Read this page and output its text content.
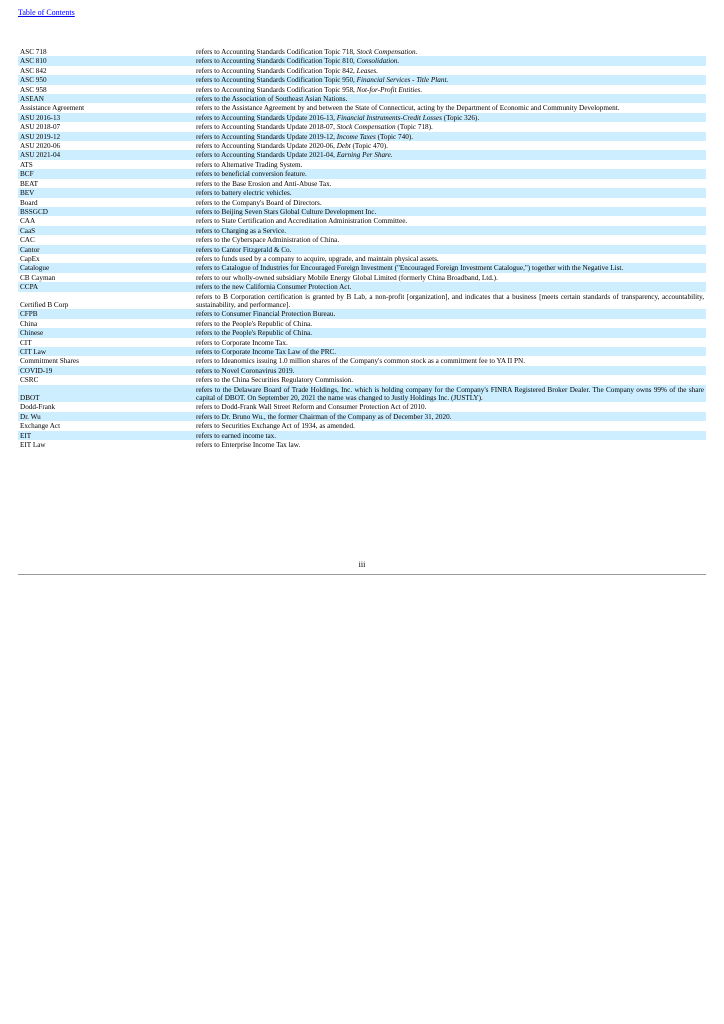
Table of Contents
ASC 718	refers to Accounting Standards Codification Topic 718, Stock Compensation.
ASC 810	refers to Accounting Standards Codification Topic 810, Consolidation.
ASC 842	refers to Accounting Standards Codification Topic 842, Leases.
ASC 950	refers to Accounting Standards Codification Topic 950, Financial Services - Title Plant.
ASC 958	refers to Accounting Standards Codification Topic 958, Not-for-Profit Entities.
ASEAN	refers to the Association of Southeast Asian Nations.
Assistance Agreement	refers to the Assistance Agreement by and between the State of Connecticut, acting by the Department of Economic and Community Development.
ASU 2016-13	refers to Accounting Standards Update 2016-13, Financial Instruments-Credit Losses (Topic 326).
ASU 2018-07	refers to Accounting Standards Update 2018-07, Stock Compensation (Topic 718).
ASU 2019-12	refers to Accounting Standards Update 2019-12, Income Taxes (Topic 740).
ASU 2020-06	refers to Accounting Standards Update 2020-06, Debt (Topic 470).
ASU 2021-04	refers to Accounting Standards Update 2021-04, Earning Per Share.
ATS	refers to Alternative Trading System.
BCF	refers to beneficial conversion feature.
BEAT	refers to the Base Erosion and Anti-Abuse Tax.
BEV	refers to battery electric vehicles.
Board	refers to the Company's Board of Directors.
BSSGCD	refers to Beijing Seven Stars Global Culture Development Inc.
CAA	refers to State Certification and Accreditation Administration Committee.
CaaS	refers to Charging as a Service.
CAC	refers to the Cyberspace Administration of China.
Cantor	refers to Cantor Fitzgerald & Co.
CapEx	refers to funds used by a company to acquire, upgrade, and maintain physical assets.
Catalogue	refers to Catalogue of Industries for Encouraged Foreign Investment ("Encouraged Foreign Investment Catalogue,") together with the Negative List.
CB Cayman	refers to our wholly-owned subsidiary Mobile Energy Global Limited (formerly China Broadband, Ltd.).
CCPA	refers to the new California Consumer Protection Act.
Certified B Corp	refers to B Corporation certification is granted by B Lab, a non-profit [organization], and indicates that a business [meets certain standards of transparency, accountability, sustainability, and performance].
CFPB	refers to Consumer Financial Protection Bureau.
China	refers to the People's Republic of China.
Chinese	refers to the People's Republic of China.
CIT	refers to Corporate Income Tax.
CIT Law	refers to Corporate Income Tax Law of the PRC.
Commitment Shares	refers to Ideanomics issuing 1.0 million shares of the Company's common stock as a commitment fee to YA II PN.
COVID-19	refers to Novel Coronavirus 2019.
CSRC	refers to the China Securities Regulatory Commission.
DBOT	refers to the Delaware Board of Trade Holdings, Inc. which is holding company for the Company's FINRA Registered Broker Dealer. The Company owns 99% of the share capital of DBOT. On September 20, 2021 the name was changed to Justly Holdings Inc. (JUSTLY).
Dodd-Frank	refers to Dodd-Frank Wall Street Reform and Consumer Protection Act of 2010.
Dr. Wu	refers to Dr. Bruno Wu., the former Chairman of the Company as of December 31, 2020.
Exchange Act	refers to Securities Exchange Act of 1934, as amended.
EIT	refers to earned income tax.
EIT Law	refers to Enterprise Income Tax law.
iii
